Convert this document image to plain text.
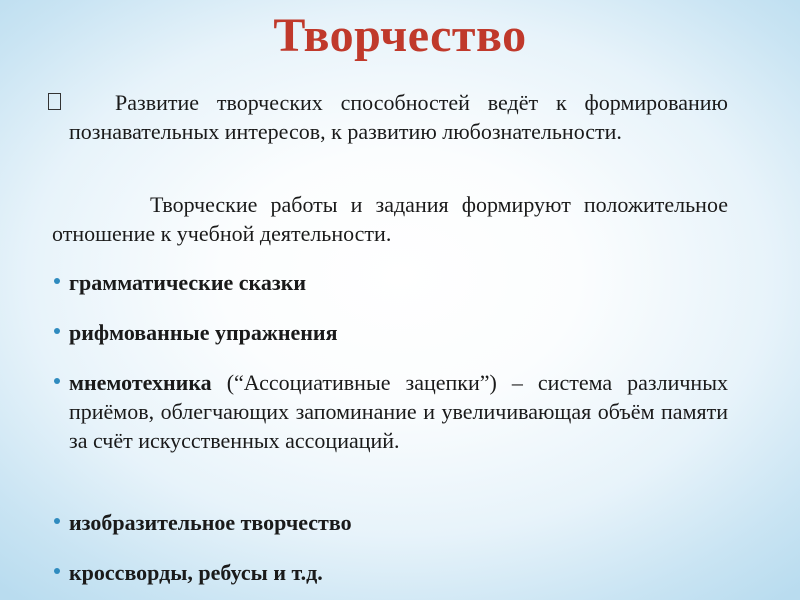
Творчество
Развитие творческих способностей ведёт к формированию познавательных интересов, к развитию любознательности.
Творческие работы и задания формируют положительное отношение к учебной деятельности.
грамматические сказки
рифмованные упражнения
мнемотехника (“Ассоциативные зацепки”) – система различных приёмов, облегчающих запоминание и увеличивающая объём памяти за счёт искусственных ассоциаций.
изобразительное творчество
кроссворды, ребусы и т.д.
